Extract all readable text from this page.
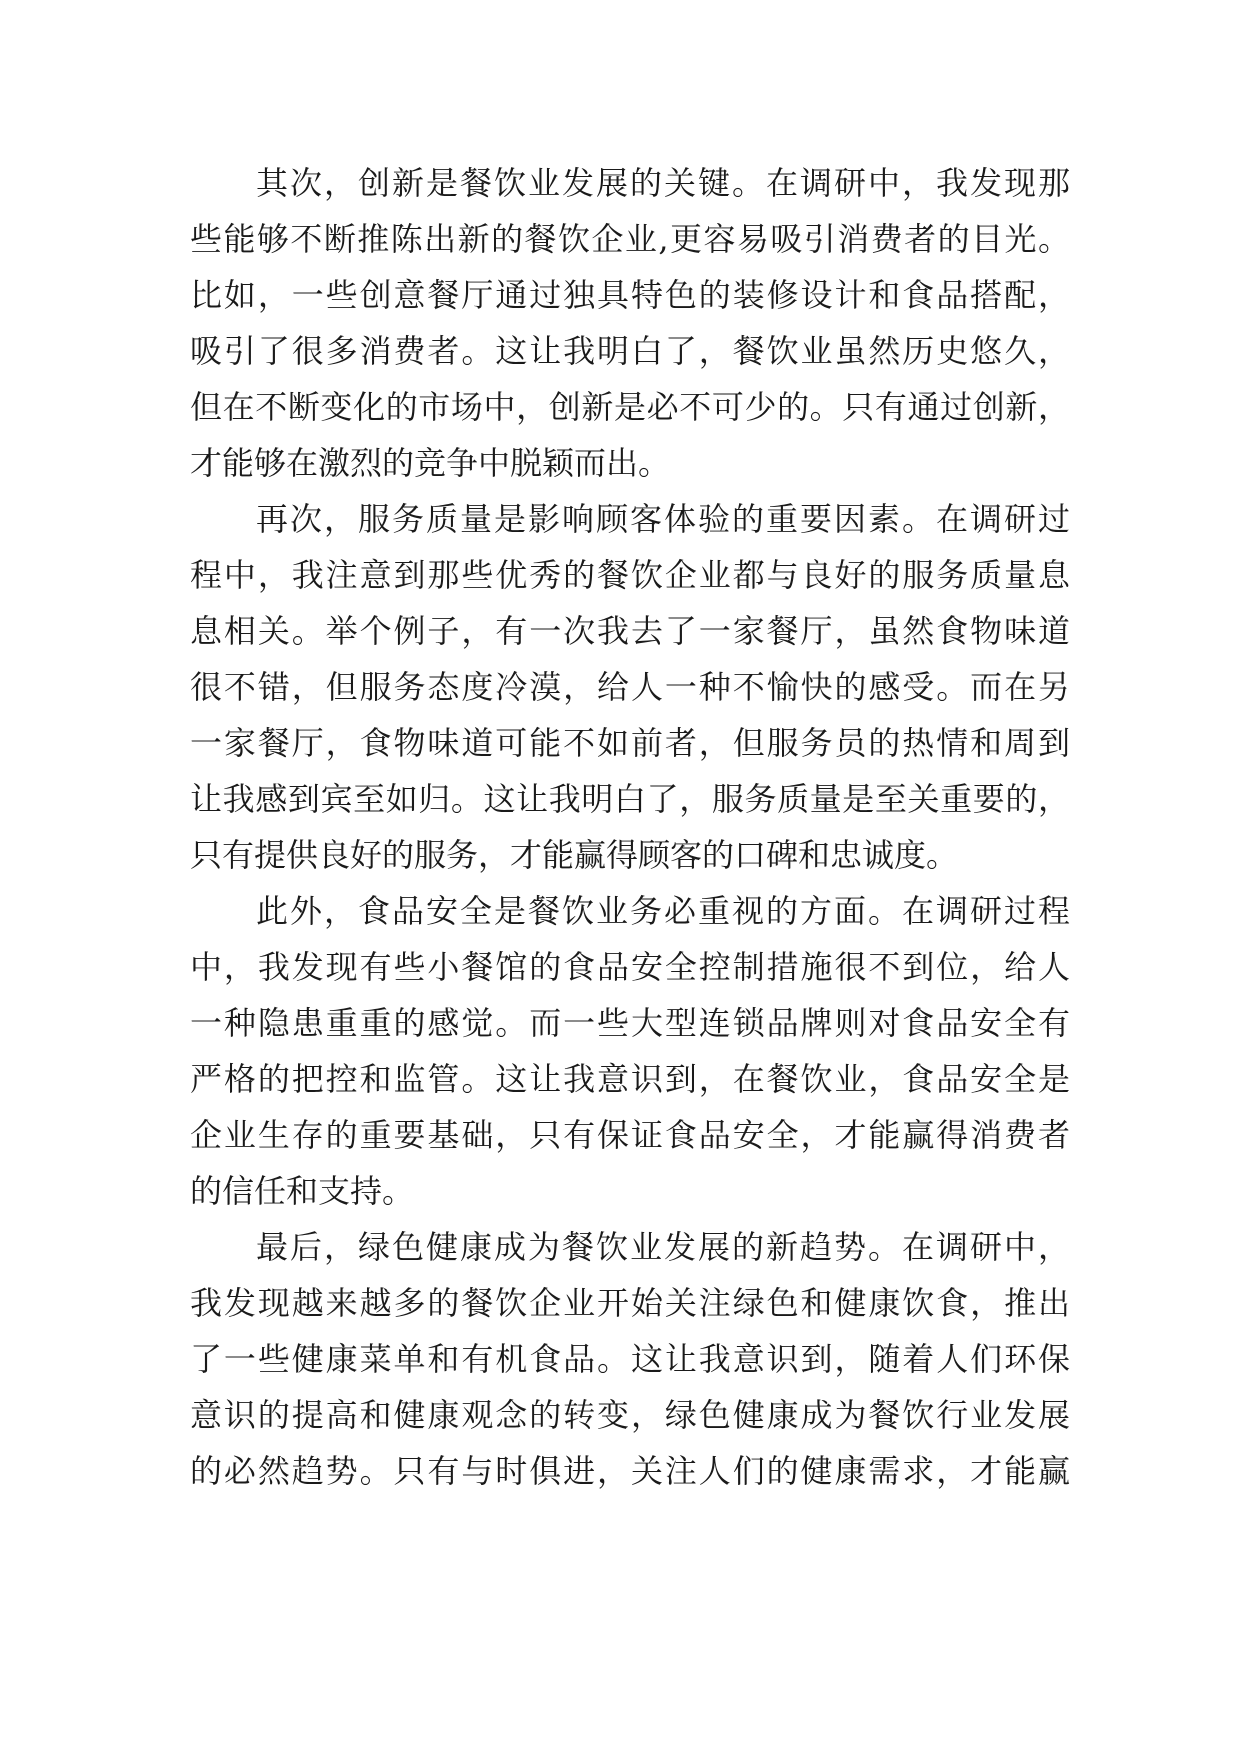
其次，创新是餐饮业发展的关键。在调研中，我发现那
些能够不断推陈出新的餐饮企业,更容易吸引消费者的目光。
比如，一些创意餐厅通过独具特色的装修设计和食品搭配，
吸引了很多消费者。这让我明白了，餐饮业虽然历史悠久，
但在不断变化的市场中，创新是必不可少的。只有通过创新，
才能够在激烈的竞争中脱颖而出。
再次，服务质量是影响顾客体验的重要因素。在调研过
程中，我注意到那些优秀的餐饮企业都与良好的服务质量息
息相关。举个例子，有一次我去了一家餐厅，虽然食物味道
很不错，但服务态度冷漠，给人一种不愉快的感受。而在另
一家餐厅，食物味道可能不如前者，但服务员的热情和周到
让我感到宾至如归。这让我明白了，服务质量是至关重要的，
只有提供良好的服务，才能赢得顾客的口碑和忠诚度。
此外，食品安全是餐饮业务必重视的方面。在调研过程
中，我发现有些小餐馆的食品安全控制措施很不到位，给人
一种隐患重重的感觉。而一些大型连锁品牌则对食品安全有
严格的把控和监管。这让我意识到，在餐饮业，食品安全是
企业生存的重要基础，只有保证食品安全，才能赢得消费者
的信任和支持。
最后，绿色健康成为餐饮业发展的新趋势。在调研中，
我发现越来越多的餐饮企业开始关注绿色和健康饮食，推出
了一些健康菜单和有机食品。这让我意识到，随着人们环保
意识的提高和健康观念的转变，绿色健康成为餐饮行业发展
的必然趋势。只有与时俱进，关注人们的健康需求，才能赢
